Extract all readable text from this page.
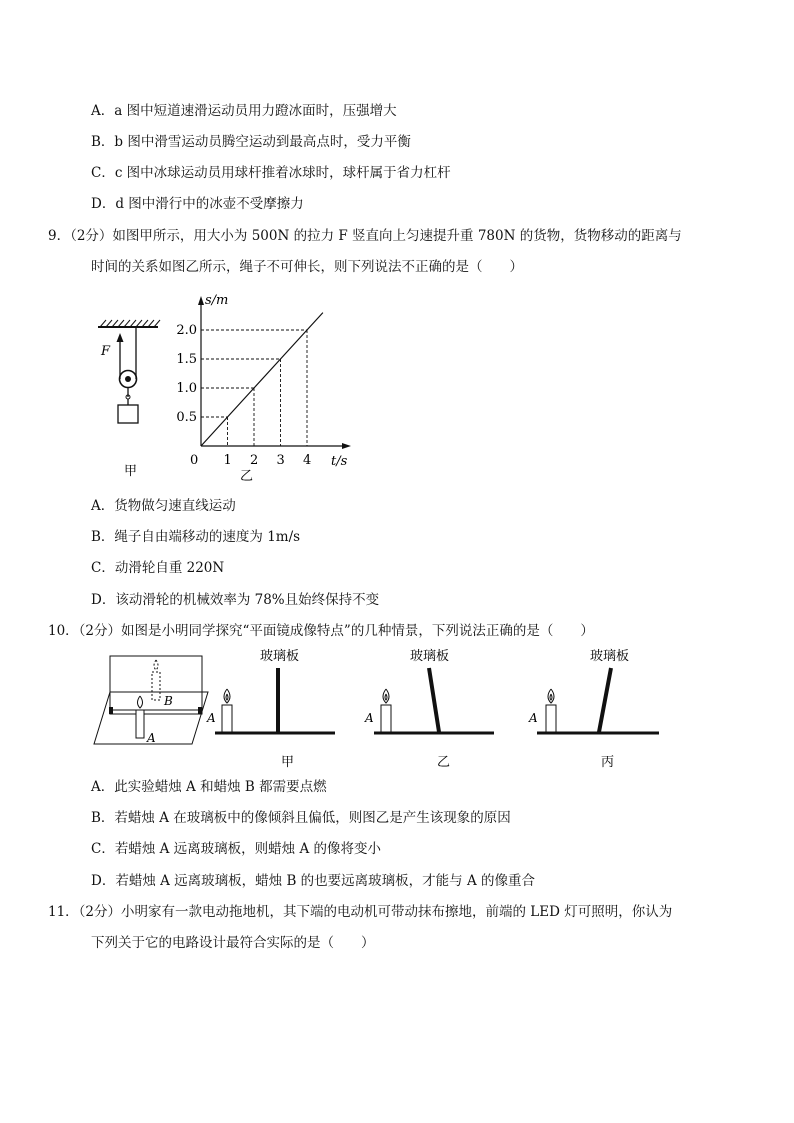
A．a 图中短道速滑运动员用力蹬冰面时，压强增大
B．b 图中滑雪运动员腾空运动到最高点时，受力平衡
C．c 图中冰球运动员用球杆推着冰球时，球杆属于省力杠杆
D．d 图中滑行中的冰壶不受摩擦力
9．（2分）如图甲所示，用大小为 500N 的拉力 F 竖直向上匀速提升重 780N 的货物，货物移动的距离与
时间的关系如图乙所示，绳子不可伸长，则下列说法不正确的是（　　）
F
甲
s/m
t/s
乙
0 1 2 3 4
0.5
1.0
1.5
2.0
A．货物做匀速直线运动
B．绳子自由端移动的速度为 1m/s
C．动滑轮自重 220N
D．该动滑轮的机械效率为 78%且始终保持不变
10．（2分）如图是小明同学探究“平面镜成像特点”的几种情景，下列说法正确的是（　　）
B
A
玻璃板
A
甲
玻璃板
A
乙
玻璃板
A
丙
A．此实验蜡烛 A 和蜡烛 B 都需要点燃
B．若蜡烛 A 在玻璃板中的像倾斜且偏低，则图乙是产生该现象的原因
C．若蜡烛 A 远离玻璃板，则蜡烛 A 的像将变小
D．若蜡烛 A 远离玻璃板，蜡烛 B 的也要远离玻璃板，才能与 A 的像重合
11．（2分）小明家有一款电动拖地机，其下端的电动机可带动抹布擦地，前端的 LED 灯可照明，你认为
下列关于它的电路设计最符合实际的是（　　）
